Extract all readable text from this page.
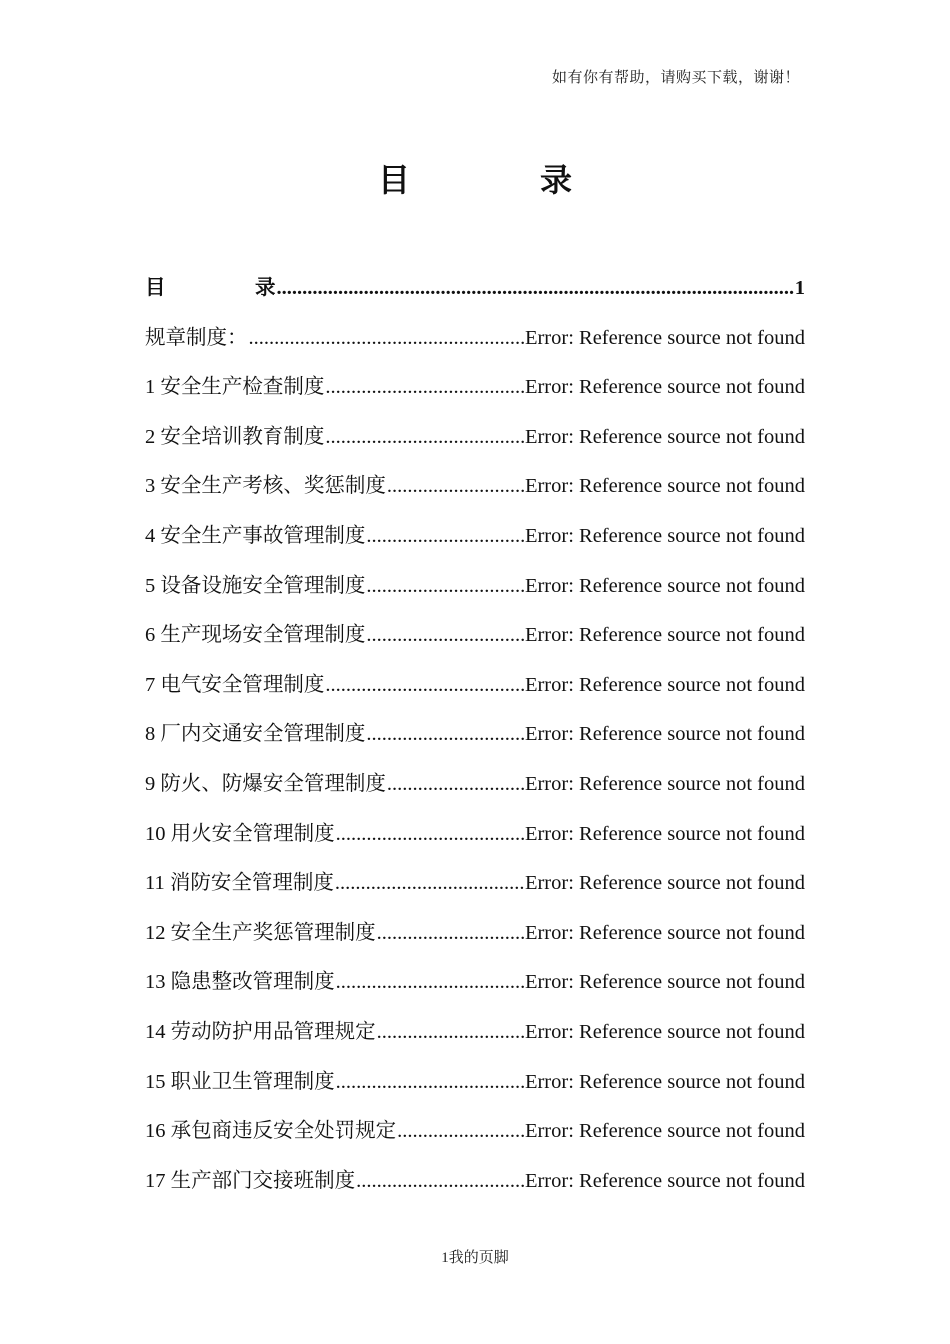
如有你有帮助，请购买下载，谢谢！
目	录
目	录 .....	1
规章制度： .....	Error: Reference source not found
1 安全生产检查制度 .....	Error: Reference source not found
2 安全培训教育制度 .....	Error: Reference source not found
3 安全生产考核、奖惩制度 .....	Error: Reference source not found
4 安全生产事故管理制度 .....	Error: Reference source not found
5 设备设施安全管理制度 .....	Error: Reference source not found
6 生产现场安全管理制度 .....	Error: Reference source not found
7 电气安全管理制度 .....	Error: Reference source not found
8 厂内交通安全管理制度 .....	Error: Reference source not found
9 防火、防爆安全管理制度 .....	Error: Reference source not found
10 用火安全管理制度 .....	Error: Reference source not found
11 消防安全管理制度 .....	Error: Reference source not found
12 安全生产奖惩管理制度 .....	Error: Reference source not found
13 隐患整改管理制度 .....	Error: Reference source not found
14 劳动防护用品管理规定 .....	Error: Reference source not found
15 职业卫生管理制度 .....	Error: Reference source not found
16 承包商违反安全处罚规定 .....	Error: Reference source not found
17 生产部门交接班制度 .....	Error: Reference source not found
1我的页脚
